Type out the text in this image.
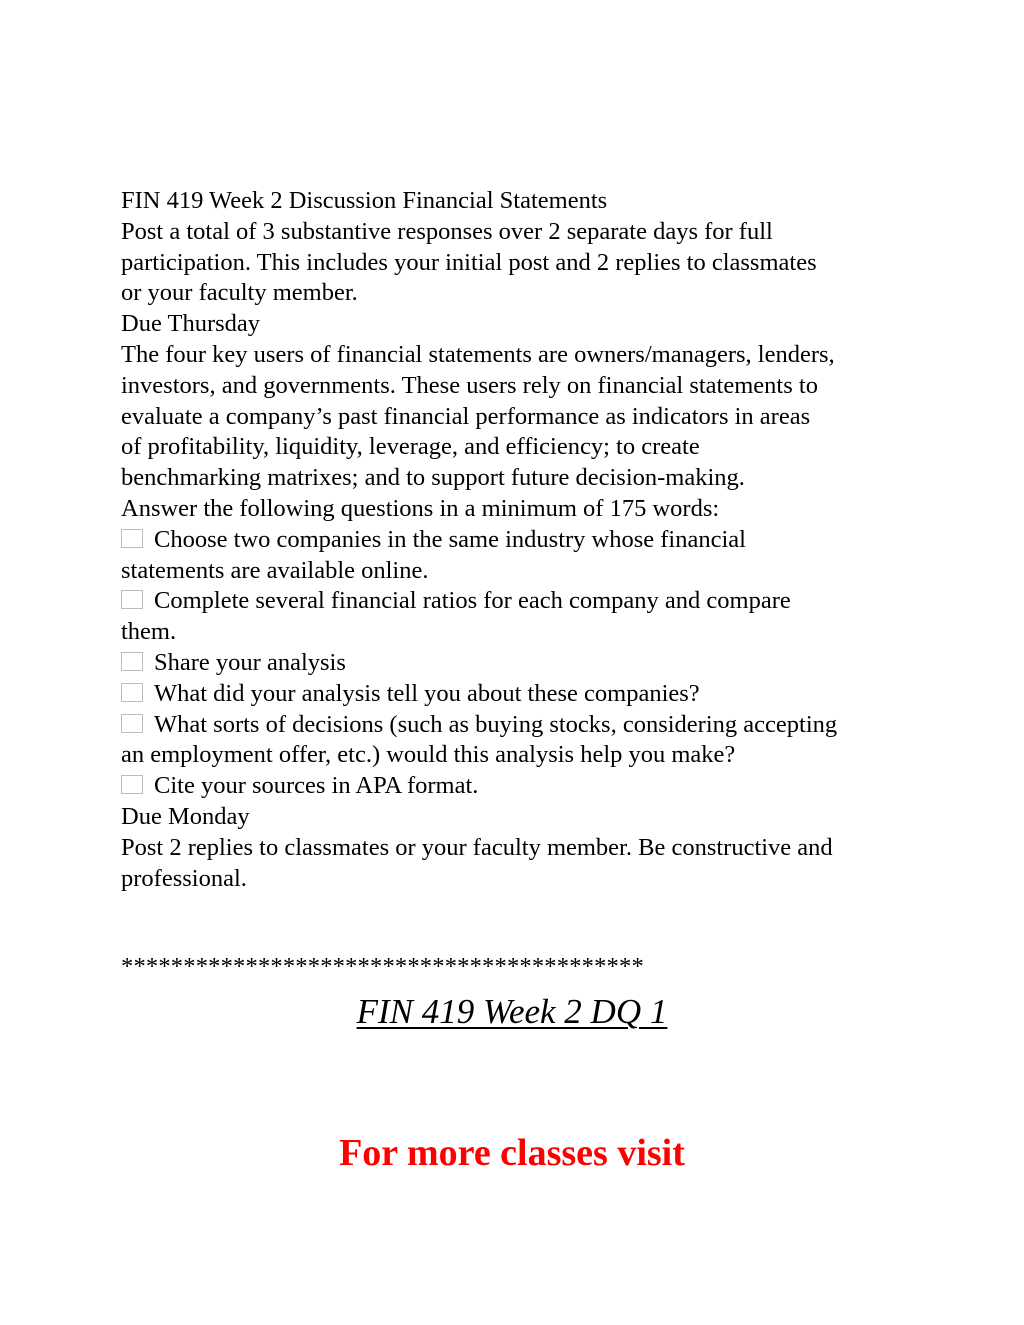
FIN 419 Week 2 Discussion Financial Statements
Post a total of 3 substantive responses over 2 separate days for full
participation. This includes your initial post and 2 replies to classmates
or your faculty member.
Due Thursday
The four key users of financial statements are owners/managers, lenders,
investors, and governments. These users rely on financial statements to
evaluate a company’s past financial performance as indicators in areas
of profitability, liquidity, leverage, and efficiency; to create
benchmarking matrixes; and to support future decision-making.
Answer the following questions in a minimum of 175 words:
Choose two companies in the same industry whose financial
statements are available online.
Complete several financial ratios for each company and compare
them.
Share your analysis
What did your analysis tell you about these companies?
What sorts of decisions (such as buying stocks, considering accepting
an employment offer, etc.) would this analysis help you make?
Cite your sources in APA format.
Due Monday
Post 2 replies to classmates or your faculty member. Be constructive and
professional.
******************************************
FIN 419 Week 2 DQ 1
For more classes visit
